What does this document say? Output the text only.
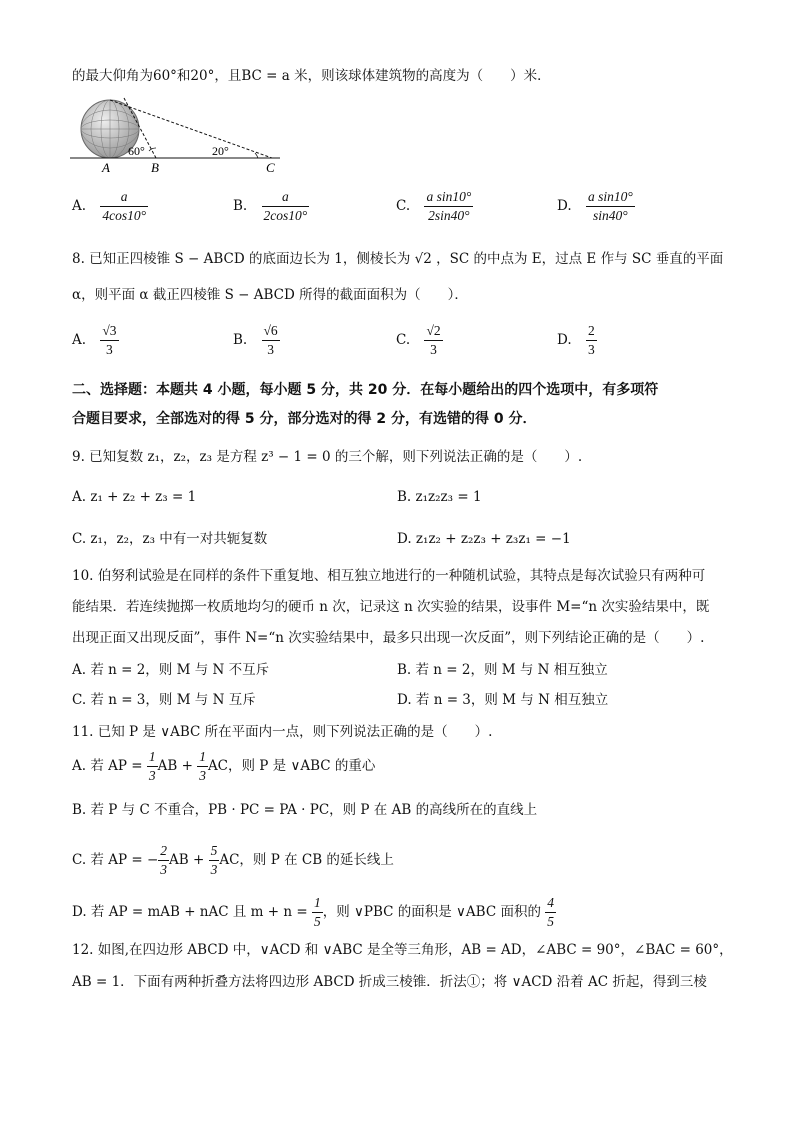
的最大仰角为60°和20°，且BC = a 米，则该球体建筑物的高度为（　　）米．
60°	20°
A	B	C
A. $\frac{a}{4\cos 10^\circ}$	B. $\frac{a}{2\cos 10^\circ}$	C. $\frac{\text{a sin10°}}{2\sin 40^\circ}$	D. $\frac{\text{a sin10°}}{\sin 40^\circ}$
8. 已知正四棱锥 S − ABCD 的底面边长为 1，侧棱长为 √2 ，SC 的中点为 E，过点 E 作与 SC 垂直的平面
α，则平面 α 截正四棱锥 S − ABCD 所得的截面面积为（　　）．
A. $\frac{√3}{3}$	B. $\frac{√6}{3}$	C. $\frac{√2}{3}$	D. $\frac{2}{3}$
二、选择题：本题共 4 小题，每小题 5 分，共 20 分．在每小题给出的四个选项中，有多项符
合题目要求，全部选对的得 5 分，部分选对的得 2 分，有选错的得 0 分．
9. 已知复数 z₁，z₂，z₃ 是方程 z³ − 1 = 0 的三个解，则下列说法正确的是（　　）.
A. z₁ + z₂ + z₃ = 1	B. z₁z₂z₃ = 1
C. z₁，z₂，z₃ 中有一对共轭复数	D. z₁z₂ + z₂z₃ + z₃z₁ = −1
10. 伯努利试验是在同样的条件下重复地、相互独立地进行的一种随机试验，其特点是每次试验只有两种可
能结果．若连续抛掷一枚质地均匀的硬币 n 次，记录这 n 次实验的结果，设事件 M=“n 次实验结果中，既
出现正面又出现反面”，事件 N=“n 次实验结果中，最多只出现一次反面”，则下列结论正确的是（　　）.
A. 若 n = 2，则 M 与 N 不互斥	B. 若 n = 2，则 M 与 N 相互独立
C. 若 n = 3，则 M 与 N 互斥	D. 若 n = 3，则 M 与 N 相互独立
11. 已知 P 是 ∨ABC 所在平面内一点，则下列说法正确的是（　　）.
A. 若 AP = $\frac{1}{3}$ AB + $\frac{1}{3}$ AC，则 P 是 ∨ABC 的重心
B. 若 P 与 C 不重合，PB · PC = PA · PC，则 P 在 AB 的高线所在的直线上
C. 若 AP = − $\frac{2}{3}$ AB + $\frac{5}{3}$ AC，则 P 在 CB 的延长线上
D. 若 AP = mAB + nAC 且 $m + n = \frac{1}{5}$ ，则 ∨PBC 的面积是 ∨ABC 面积的 $\frac{4}{5}$
12. 如图,在四边形 ABCD 中，∨ACD 和 ∨ABC 是全等三角形，AB = AD，∠ABC = 90°，∠BAC = 60°，
AB = 1．下面有两种折叠方法将四边形 ABCD 折成三棱锥．折法①；将 ∨ACD 沿着 AC 折起，得到三棱
